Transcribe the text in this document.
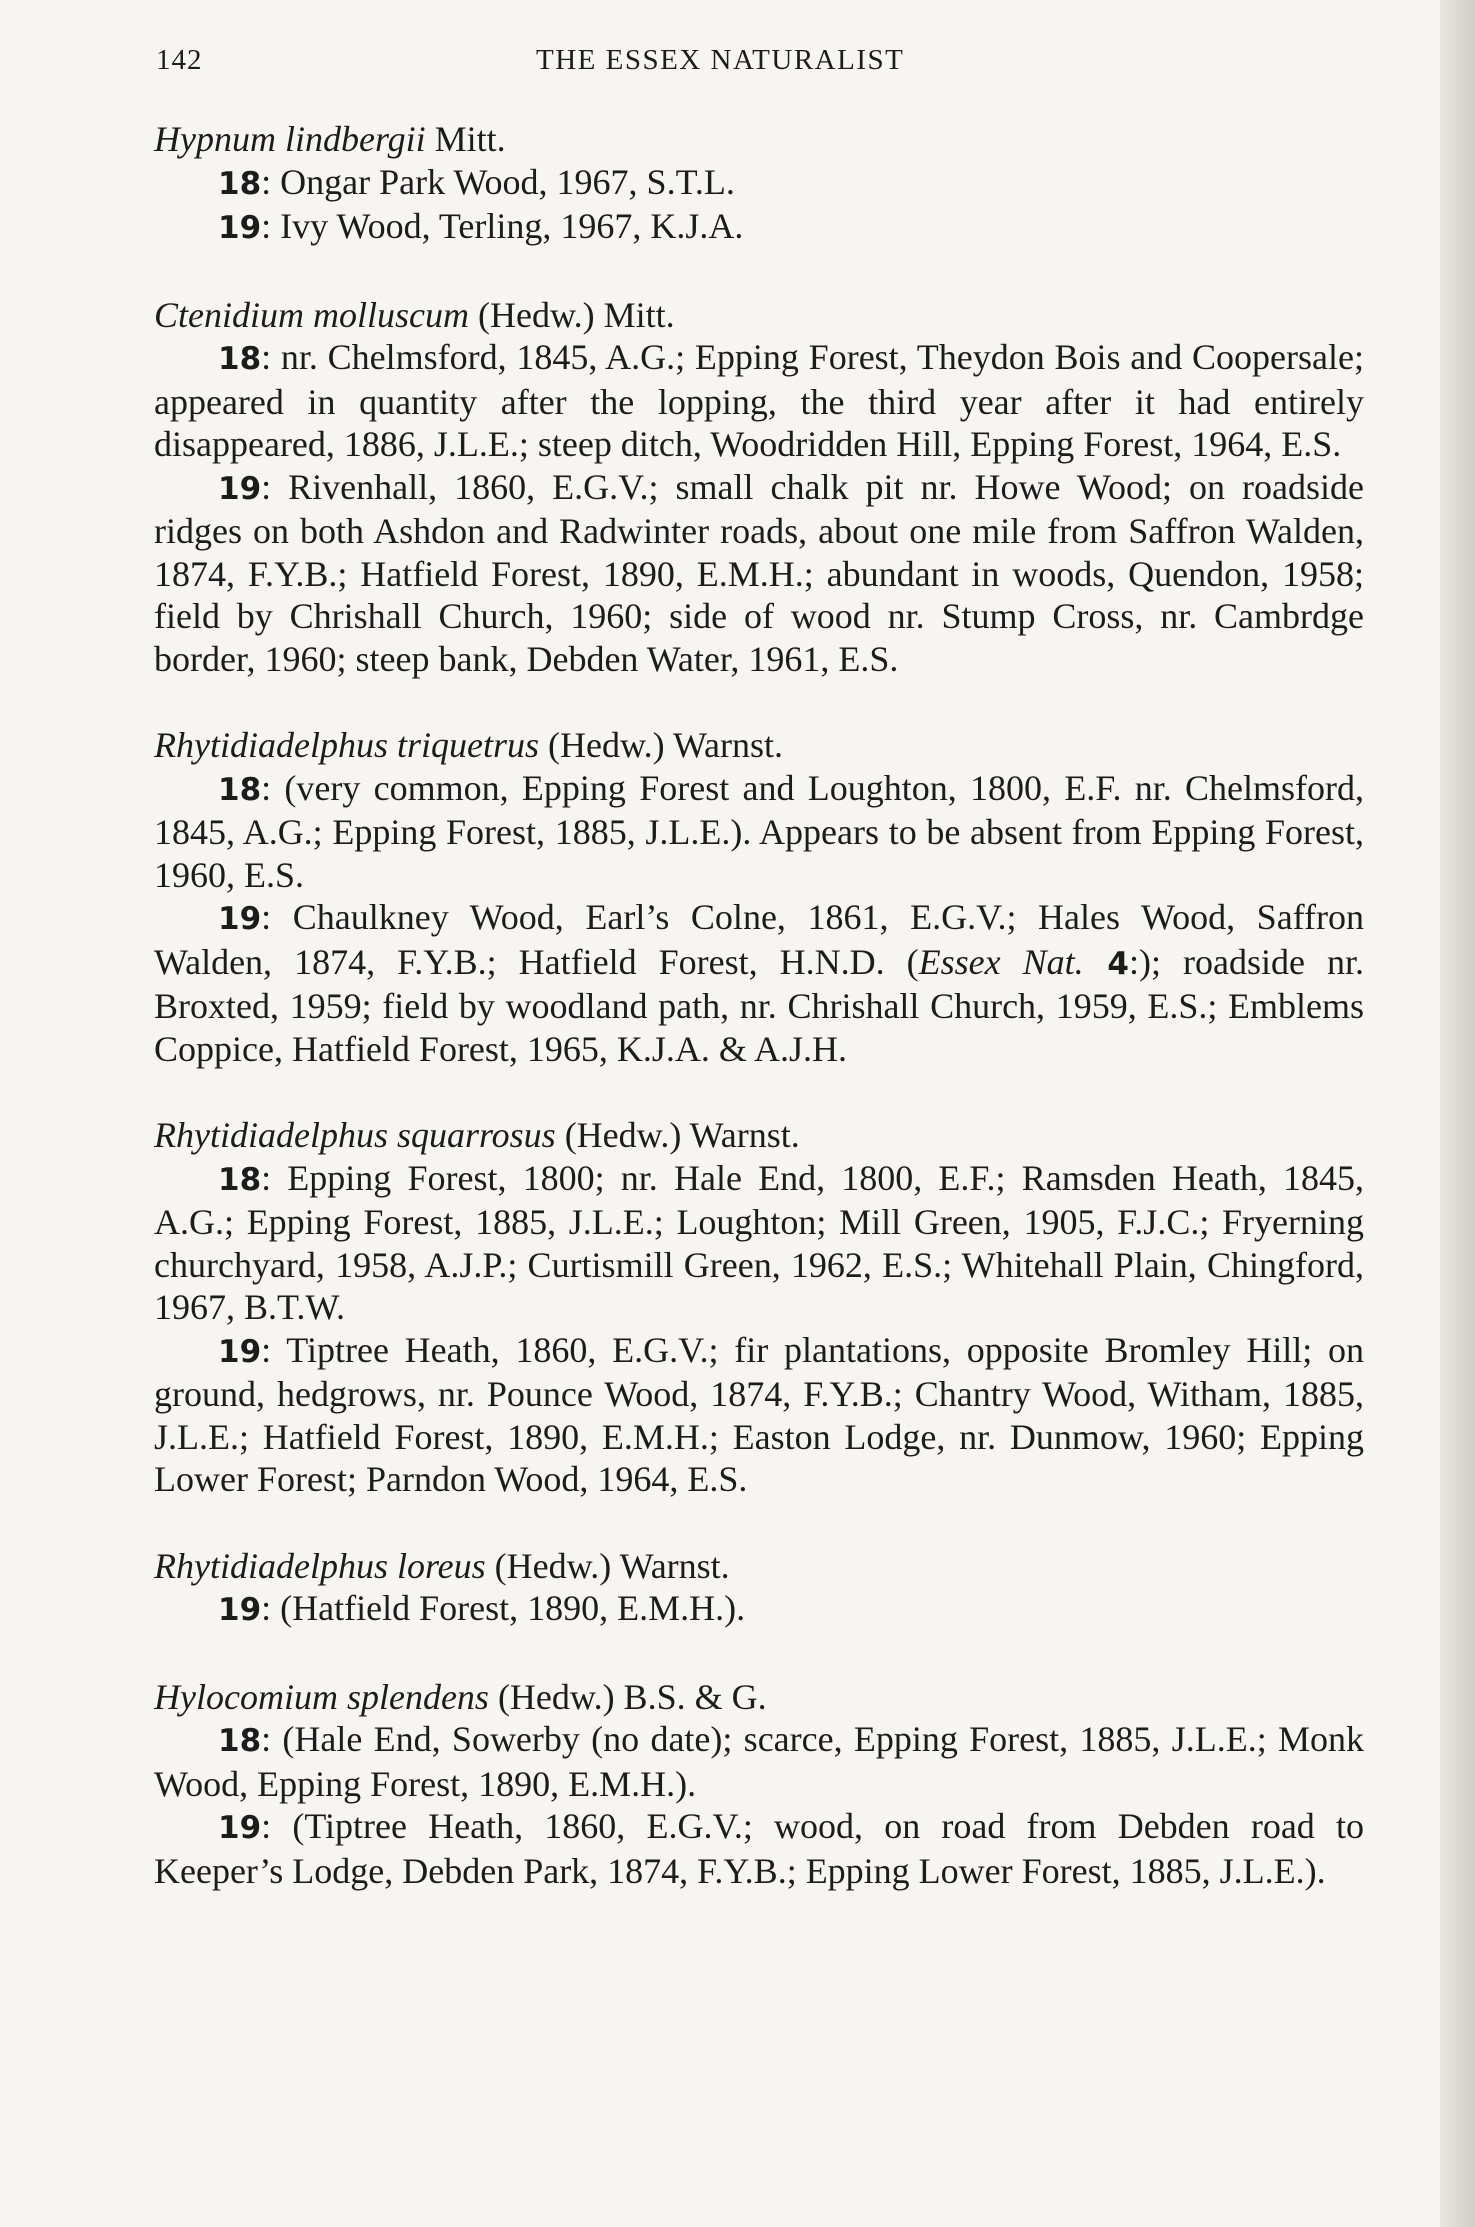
142	THE ESSEX NATURALIST

Hypnum lindbergii Mitt.

18: Ongar Park Wood, 1967, S.T.L.

19: Ivy Wood, Terling, 1967, K.J.A.

Ctenidium molluscum (Hedw.) Mitt.

18: nr. Chelmsford, 1845, A.G.; Epping Forest, Theydon Bois and Coopersale; appeared in quantity after the lopping, the third year after it had entirely disappeared, 1886, J.L.E.; steep ditch, Woodridden Hill, Epping Forest, 1964, E.S.

19: Rivenhall, 1860, E.G.V.; small chalk pit nr. Howe Wood; on roadside ridges on both Ashdon and Radwinter roads, about one mile from Saffron Walden, 1874, F.Y.B.; Hatfield Forest, 1890, E.M.H.; abundant in woods, Quendon, 1958; field by Chrishall Church, 1960; side of wood nr. Stump Cross, nr. Cambrdge border, 1960; steep bank, Debden Water, 1961, E.S.

Rhytidiadelphus triquetrus (Hedw.) Warnst.

18: (very common, Epping Forest and Loughton, 1800, E.F. nr. Chelmsford, 1845, A.G.; Epping Forest, 1885, J.L.E.). Appears to be absent from Epping Forest, 1960, E.S.

19: Chaulkney Wood, Earl’s Colne, 1861, E.G.V.; Hales Wood, Saffron Walden, 1874, F.Y.B.; Hatfield Forest, H.N.D. (Essex Nat. 4:); roadside nr. Broxted, 1959; field by woodland path, nr. Chrishall Church, 1959, E.S.; Emblems Coppice, Hatfield Forest, 1965, K.J.A. & A.J.H.

Rhytidiadelphus squarrosus (Hedw.) Warnst.

18: Epping Forest, 1800; nr. Hale End, 1800, E.F.; Ramsden Heath, 1845, A.G.; Epping Forest, 1885, J.L.E.; Loughton; Mill Green, 1905, F.J.C.; Fryerning churchyard, 1958, A.J.P.; Curtismill Green, 1962, E.S.; Whitehall Plain, Chingford, 1967, B.T.W.

19: Tiptree Heath, 1860, E.G.V.; fir plantations, opposite Bromley Hill; on ground, hedgrows, nr. Pounce Wood, 1874, F.Y.B.; Chantry Wood, Witham, 1885, J.L.E.; Hatfield Forest, 1890, E.M.H.; Easton Lodge, nr. Dunmow, 1960; Epping Lower Forest; Parndon Wood, 1964, E.S.

Rhytidiadelphus loreus (Hedw.) Warnst.

19: (Hatfield Forest, 1890, E.M.H.).

Hylocomium splendens (Hedw.) B.S. & G.

18: (Hale End, Sowerby (no date); scarce, Epping Forest, 1885, J.L.E.; Monk Wood, Epping Forest, 1890, E.M.H.).

19: (Tiptree Heath, 1860, E.G.V.; wood, on road from Debden road to Keeper’s Lodge, Debden Park, 1874, F.Y.B.; Epping Lower Forest, 1885, J.L.E.).
